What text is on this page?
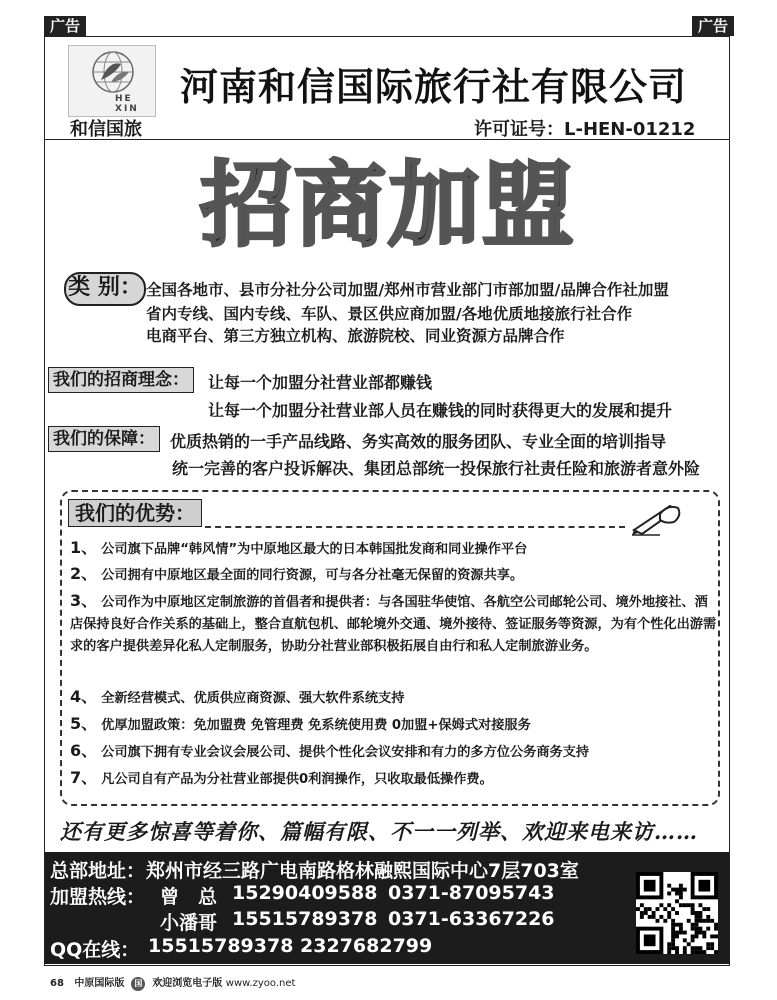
广告	广告
HE XIN
和信国旅
河南和信国际旅行社有限公司
许可证号：L-HEN-01212
招商加盟
类 别： 全国各地市、县市分社分公司加盟/郑州市营业部门市部加盟/品牌合作社加盟
省内专线、国内专线、车队、景区供应商加盟/各地优质地接旅行社合作
电商平台、第三方独立机构、旅游院校、同业资源方品牌合作
我们的招商理念：	让每一个加盟分社营业部都赚钱
让每一个加盟分社营业部人员在赚钱的同时获得更大的发展和提升
我们的保障： 优质热销的一手产品线路、务实高效的服务团队、专业全面的培训指导
统一完善的客户投诉解决、集团总部统一投保旅行社责任险和旅游者意外险
我们的优势：
1、 公司旗下品牌“韩风情”为中原地区最大的日本韩国批发商和同业操作平台
2、 公司拥有中原地区最全面的同行资源，可与各分社毫无保留的资源共享。
3、 公司作为中原地区定制旅游的首倡者和提供者：与各国驻华使馆、各航空公司邮轮公司、境外地接社、酒店保持良好合作关系的基础上，整合直航包机、邮轮境外交通、境外接待、签证服务等资源，为有个性化出游需求的客户提供差异化私人定制服务，协助分社营业部积极拓展自由行和私人定制旅游业务。
4、 全新经营模式、优质供应商资源、强大软件系统支持
5、 优厚加盟政策：免加盟费 免管理费 免系统使用费 0加盟+保姆式对接服务
6、 公司旗下拥有专业会议会展公司、提供个性化会议安排和有力的多方位公务商务支持
7、 凡公司自有产品为分社营业部提供0利润操作，只收取最低操作费。
还有更多惊喜等着你、篇幅有限、不一一列举、欢迎来电来访……
总部地址： 郑州市经三路广电南路格林融熙国际中心7层703室
加盟热线： 曾　总 15290409588 0371-87095743
小潘哥 15515789378 0371-63367226
QQ在线： 15515789378 2327682799
68 中原国际版 国 欢迎浏览电子版 www.zyoo.net
